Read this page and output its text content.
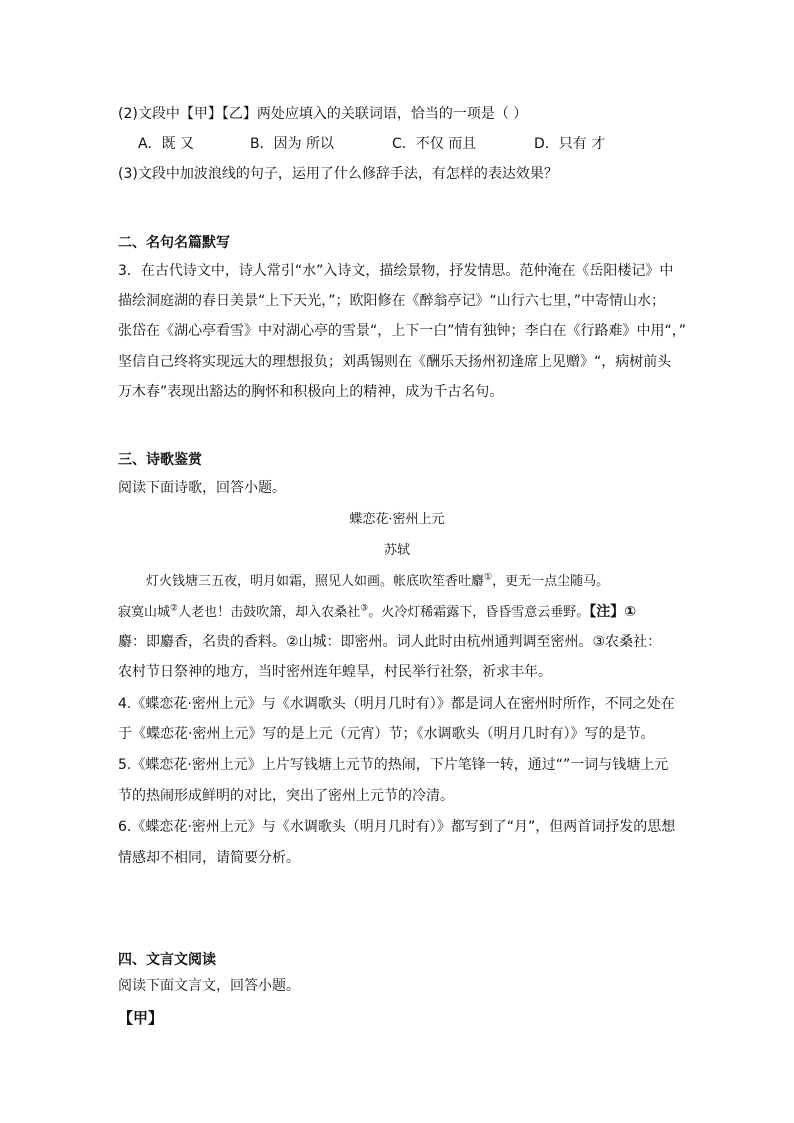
(2)文段中【甲】【乙】两处应填入的关联词语，恰当的一项是（ ）
A．既 又	B．因为 所以	C．不仅 而且	D．只有 才
(3)文段中加波浪线的句子，运用了什么修辞手法，有怎样的表达效果？
二、名句名篇默写
3．在古代诗文中，诗人常引“水”入诗文，描绘景物，抒发情思。范仲淹在《岳阳楼记》中
描绘洞庭湖的春日美景“上下天光，”；欧阳修在《醉翁亭记》“山行六七里，”中寄情山水；
张岱在《湖心亭看雪》中对湖心亭的雪景“，上下一白”情有独钟；李白在《行路难》中用“，”
坚信自己终将实现远大的理想报负；刘禹锡则在《酬乐天扬州初逢席上见赠》“，病树前头
万木春”表现出豁达的胸怀和积极向上的精神，成为千古名句。
三、诗歌鉴赏
阅读下面诗歌，回答小题。
蝶恋花·密州上元
苏轼
灯火钱塘三五夜，明月如霜，照见人如画。帐底吹笙香吐麝①，更无一点尘随马。
寂寞山城②人老也！击鼓吹箫，却入农桑社③。火冷灯稀霜露下，昏昏雪意云垂野。【注】①
麝：即麝香，名贵的香料。②山城：即密州。词人此时由杭州通判调至密州。③农桑社：
农村节日祭神的地方，当时密州连年蝗旱，村民举行社祭，祈求丰年。
4.《蝶恋花·密州上元》与《水调歌头（明月几时有）》都是词人在密州时所作，不同之处在
于《蝶恋花·密州上元》写的是上元（元宵）节；《水调歌头（明月几时有）》写的是节。
5.《蝶恋花·密州上元》上片写钱塘上元节的热闹，下片笔锋一转，通过“”一词与钱塘上元
节的热闹形成鲜明的对比，突出了密州上元节的冷清。
6.《蝶恋花·密州上元》与《水调歌头（明月几时有）》都写到了“月”，但两首词抒发的思想
情感却不相同，请简要分析。
四、文言文阅读
阅读下面文言文，回答小题。
【甲】
